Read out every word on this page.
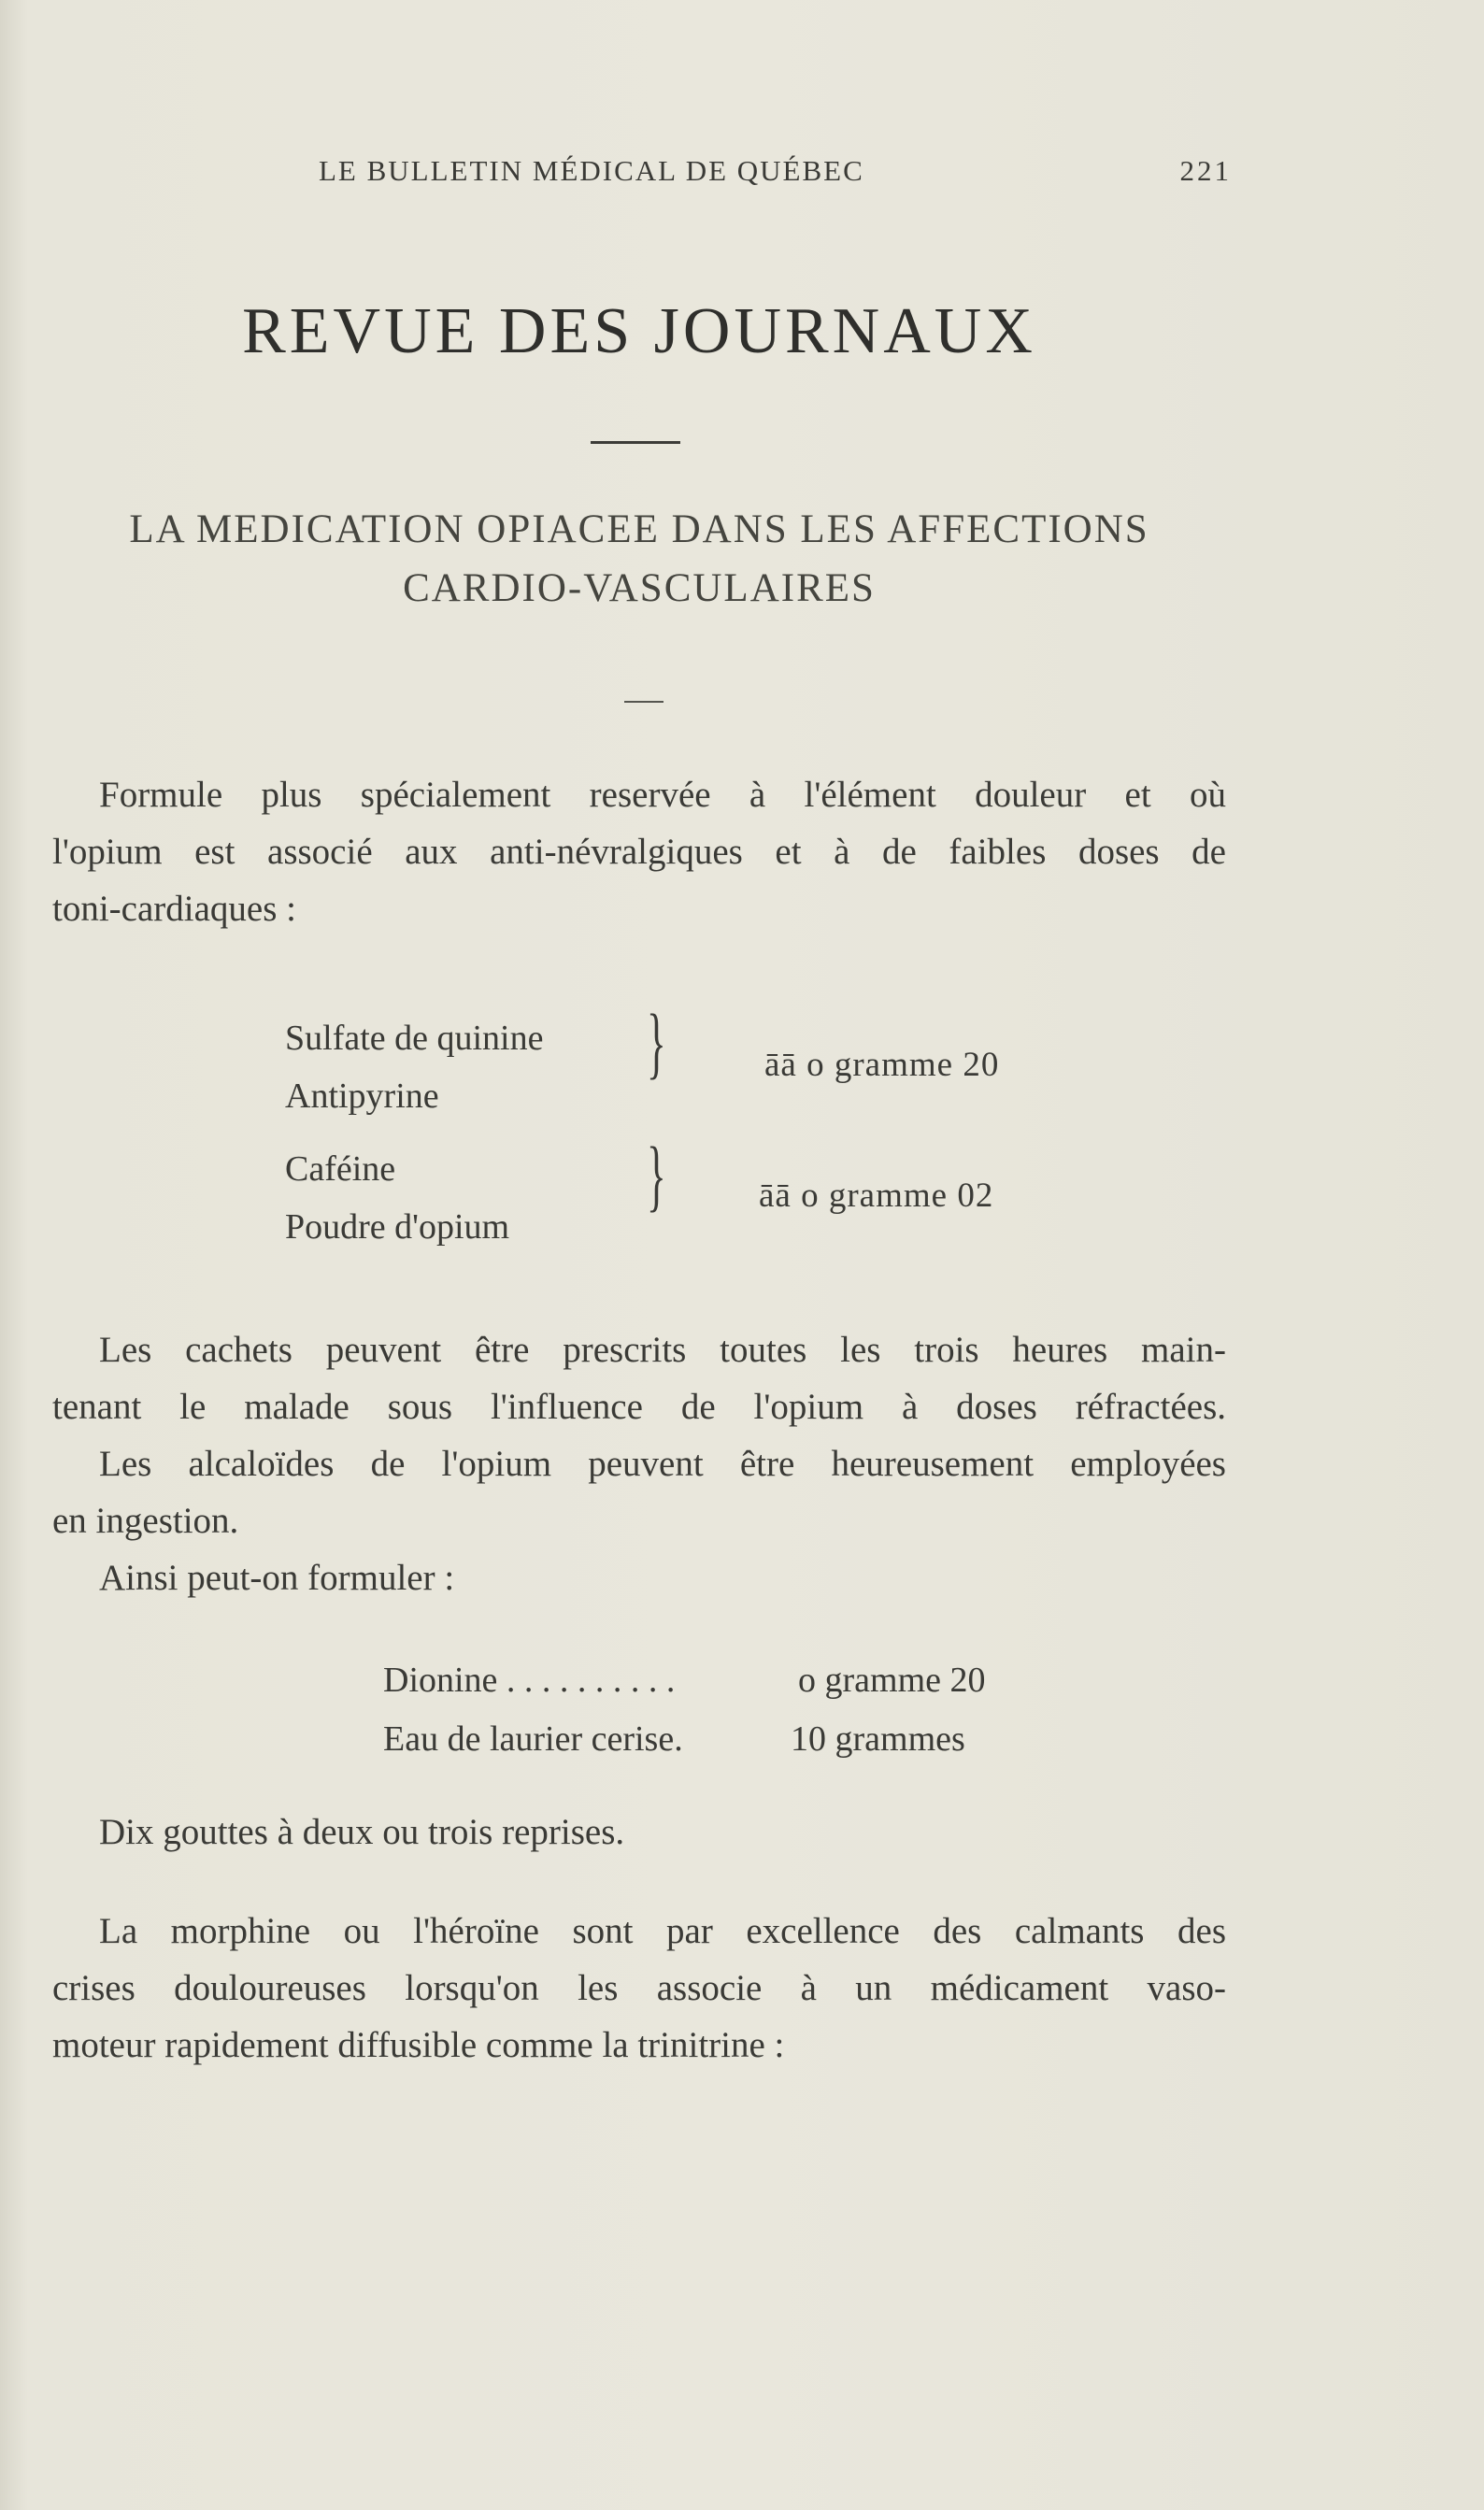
LE BULLETIN MÉDICAL DE QUÉBEC	221
REVUE DES JOURNAUX
LA MEDICATION OPIACEE DANS LES AFFECTIONS
CARDIO-VASCULAIRES
Formule plus spécialement reservée à l'élément douleur et où
l'opium est associé aux anti-névralgiques et à de faibles doses de
toni-cardiaques :
Sulfate de quinine
Antipyrine
}	āā o gramme 20
Caféine
Poudre d'opium
}	āā o gramme 02
Les cachets peuvent être prescrits toutes les trois heures main-
tenant le malade sous l'influence de l'opium à doses réfractées.
Les alcaloïdes de l'opium peuvent être heureusement employées
en ingestion.
Ainsi peut-on formuler :
Dionine . . . . . . . . . .	o gramme 20
Eau de laurier cerise.	10 grammes
Dix gouttes à deux ou trois reprises.
La morphine ou l'héroïne sont par excellence des calmants des
crises douloureuses lorsqu'on les associe à un médicament vaso-
moteur rapidement diffusible comme la trinitrine :
